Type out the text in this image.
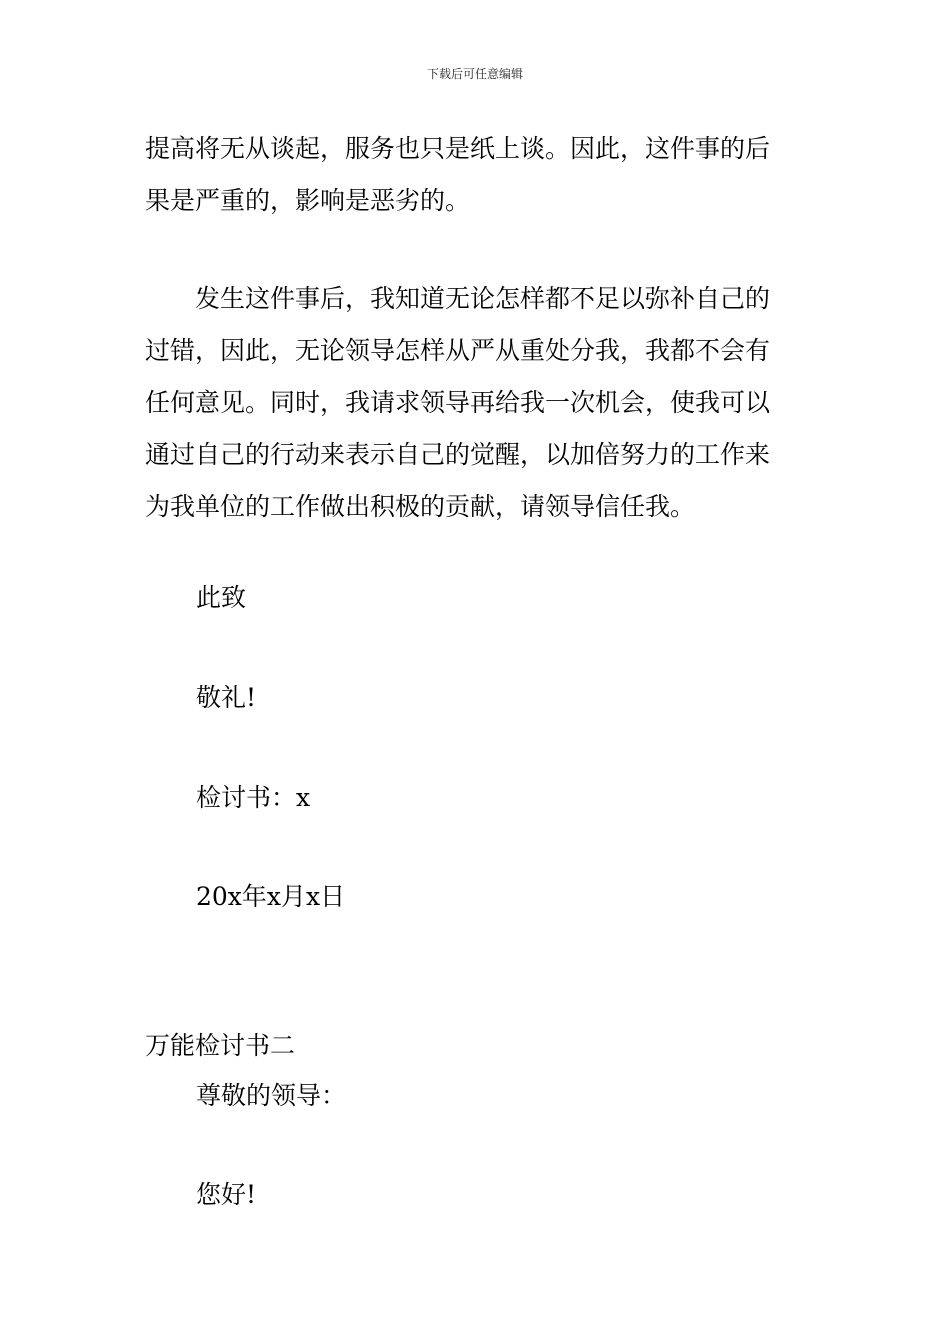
下载后可任意编辑

提高将无从谈起，服务也只是纸上谈。因此，这件事的后
果是严重的，影响是恶劣的。

　　发生这件事后，我知道无论怎样都不足以弥补自己的
过错，因此，无论领导怎样从严从重处分我，我都不会有
任何意见。同时，我请求领导再给我一次机会，使我可以
通过自己的行动来表示自己的觉醒，以加倍努力的工作来
为我单位的工作做出积极的贡献，请领导信任我。

此致

敬礼!

检讨书：x

20x年x月x日

万能检讨书二

尊敬的领导：

您好!
